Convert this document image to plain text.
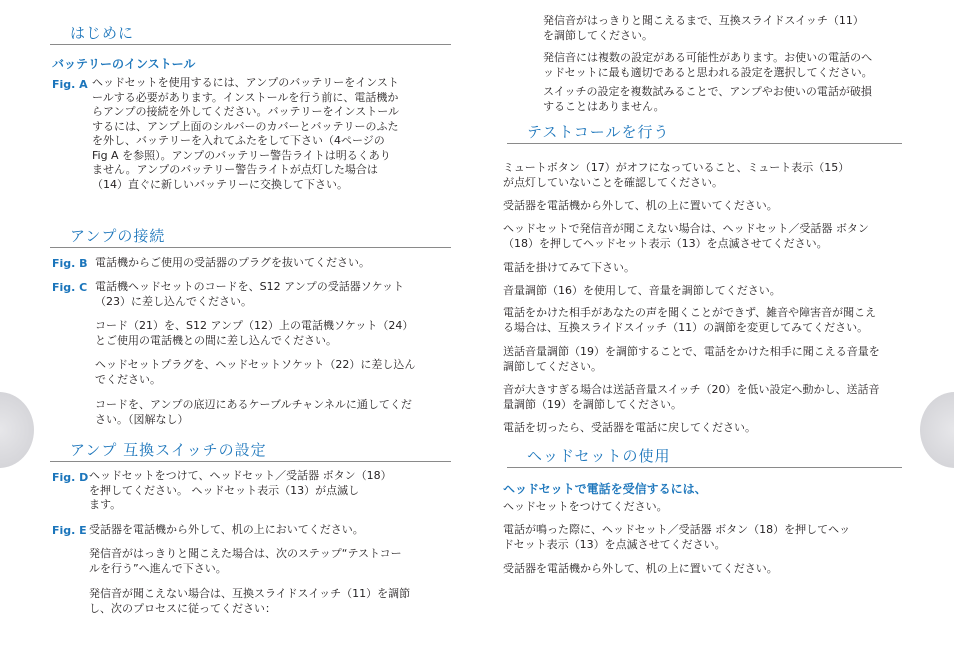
はじめに
バッテリーのインストール
Fig. A ヘッドセットを使用するには、アンプのバッテリーをインスト
ールする必要があります。インストールを行う前に、電話機か
らアンプの接続を外してください。バッテリーをインストール
するには、アンプ上面のシルバーのカバーとバッテリーのふた
を外し、バッテリーを入れてふたをして下さい（4ページの
Fig A を参照）。アンプのバッテリー警告ライトは明るくあり
ません。アンプのバッテリー警告ライトが点灯した場合は
（14）直ぐに新しいバッテリーに交換して下さい。
アンプの接続
Fig. B 電話機からご使用の受話器のプラグを抜いてください。
Fig. C 電話機ヘッドセットのコードを、S12 アンプの受話器ソケット
（23）に差し込んでください。
コード（21）を、S12 アンプ（12）上の電話機ソケット（24）
とご使用の電話機との間に差し込んでください。
ヘッドセットプラグを、ヘッドセットソケット（22）に差し込ん
でください。
コードを、アンプの底辺にあるケーブルチャンネルに通してくだ
さい。（図解なし）
アンプ 互換スイッチの設定
Fig. D ヘッドセットをつけて、ヘッドセット／受話器 ボタン（18）
を押してください。 ヘッドセット表示（13）が点滅し
ます。
Fig. E 受話器を電話機から外して、机の上においてください。
発信音がはっきりと聞こえた場合は、次のステップ“テストコー
ルを行う”へ進んで下さい。
発信音が聞こえない場合は、互換スライドスイッチ（11）を調節
し、次のプロセスに従ってください：
発信音がはっきりと聞こえるまで、互換スライドスイッチ（11）
を調節してください。
発信音には複数の設定がある可能性があります。お使いの電話のへ
ッドセットに最も適切であると思われる設定を選択してください。
スイッチの設定を複数試みることで、アンプやお使いの電話が破損
することはありません。
テストコールを行う
ミュートボタン（17）がオフになっていること、ミュート表示（15）
が点灯していないことを確認してください。
受話器を電話機から外して、机の上に置いてください。
ヘッドセットで発信音が聞こえない場合は、ヘッドセット／受話器 ボタン
（18）を押してヘッドセット表示（13）を点滅させてください。
電話を掛けてみて下さい。
音量調節（16）を使用して、音量を調節してください。
電話をかけた相手があなたの声を聞くことができず、雑音や障害音が聞こえ
る場合は、互換スライドスイッチ（11）の調節を変更してみてください。
送話音量調節（19）を調節することで、電話をかけた相手に聞こえる音量を
調節してください。
音が大きすぎる場合は送話音量スイッチ（20）を低い設定へ動かし、送話音
量調節（19）を調節してください。
電話を切ったら、受話器を電話に戻してください。
ヘッドセットの使用
ヘッドセットで電話を受信するには、
ヘッドセットをつけてください。
電話が鳴った際に、ヘッドセット／受話器 ボタン（18）を押してヘッ
ドセット表示（13）を点滅させてください。
受話器を電話機から外して、机の上に置いてください。
